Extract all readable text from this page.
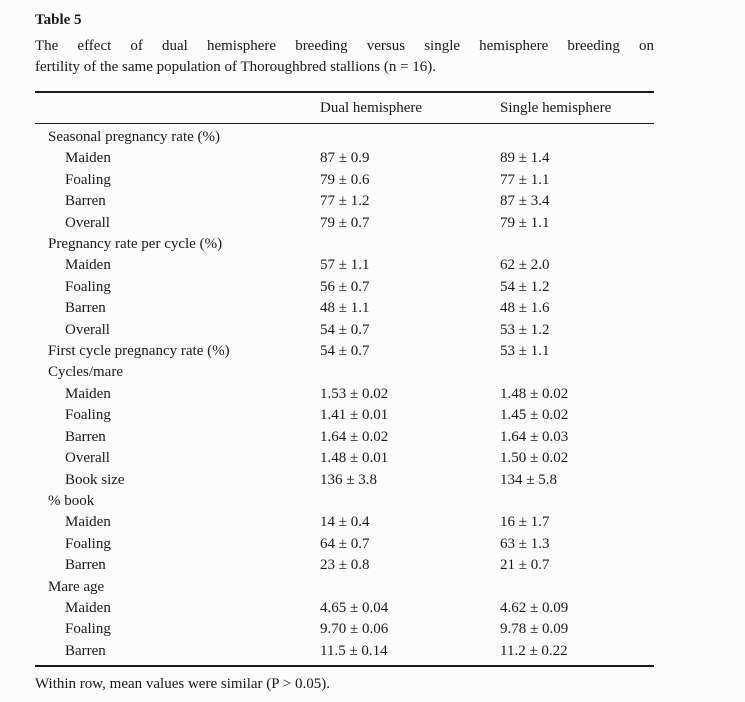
Table 5
The effect of dual hemisphere breeding versus single hemisphere breeding on
fertility of the same population of Thoroughbred stallions (n = 16).
	Dual hemisphere	Single hemisphere
Seasonal pregnancy rate (%)		
Maiden	87 ± 0.9	89 ± 1.4
Foaling	79 ± 0.6	77 ± 1.1
Barren	77 ± 1.2	87 ± 3.4
Overall	79 ± 0.7	79 ± 1.1
Pregnancy rate per cycle (%)		
Maiden	57 ± 1.1	62 ± 2.0
Foaling	56 ± 0.7	54 ± 1.2
Barren	48 ± 1.1	48 ± 1.6
Overall	54 ± 0.7	53 ± 1.2
First cycle pregnancy rate (%)	54 ± 0.7	53 ± 1.1
Cycles/mare		
Maiden	1.53 ± 0.02	1.48 ± 0.02
Foaling	1.41 ± 0.01	1.45 ± 0.02
Barren	1.64 ± 0.02	1.64 ± 0.03
Overall	1.48 ± 0.01	1.50 ± 0.02
Book size	136 ± 3.8	134 ± 5.8
% book		
Maiden	14 ± 0.4	16 ± 1.7
Foaling	64 ± 0.7	63 ± 1.3
Barren	23 ± 0.8	21 ± 0.7
Mare age		
Maiden	4.65 ± 0.04	4.62 ± 0.09
Foaling	9.70 ± 0.06	9.78 ± 0.09
Barren	11.5 ± 0.14	11.2 ± 0.22
Within row, mean values were similar (P > 0.05).
